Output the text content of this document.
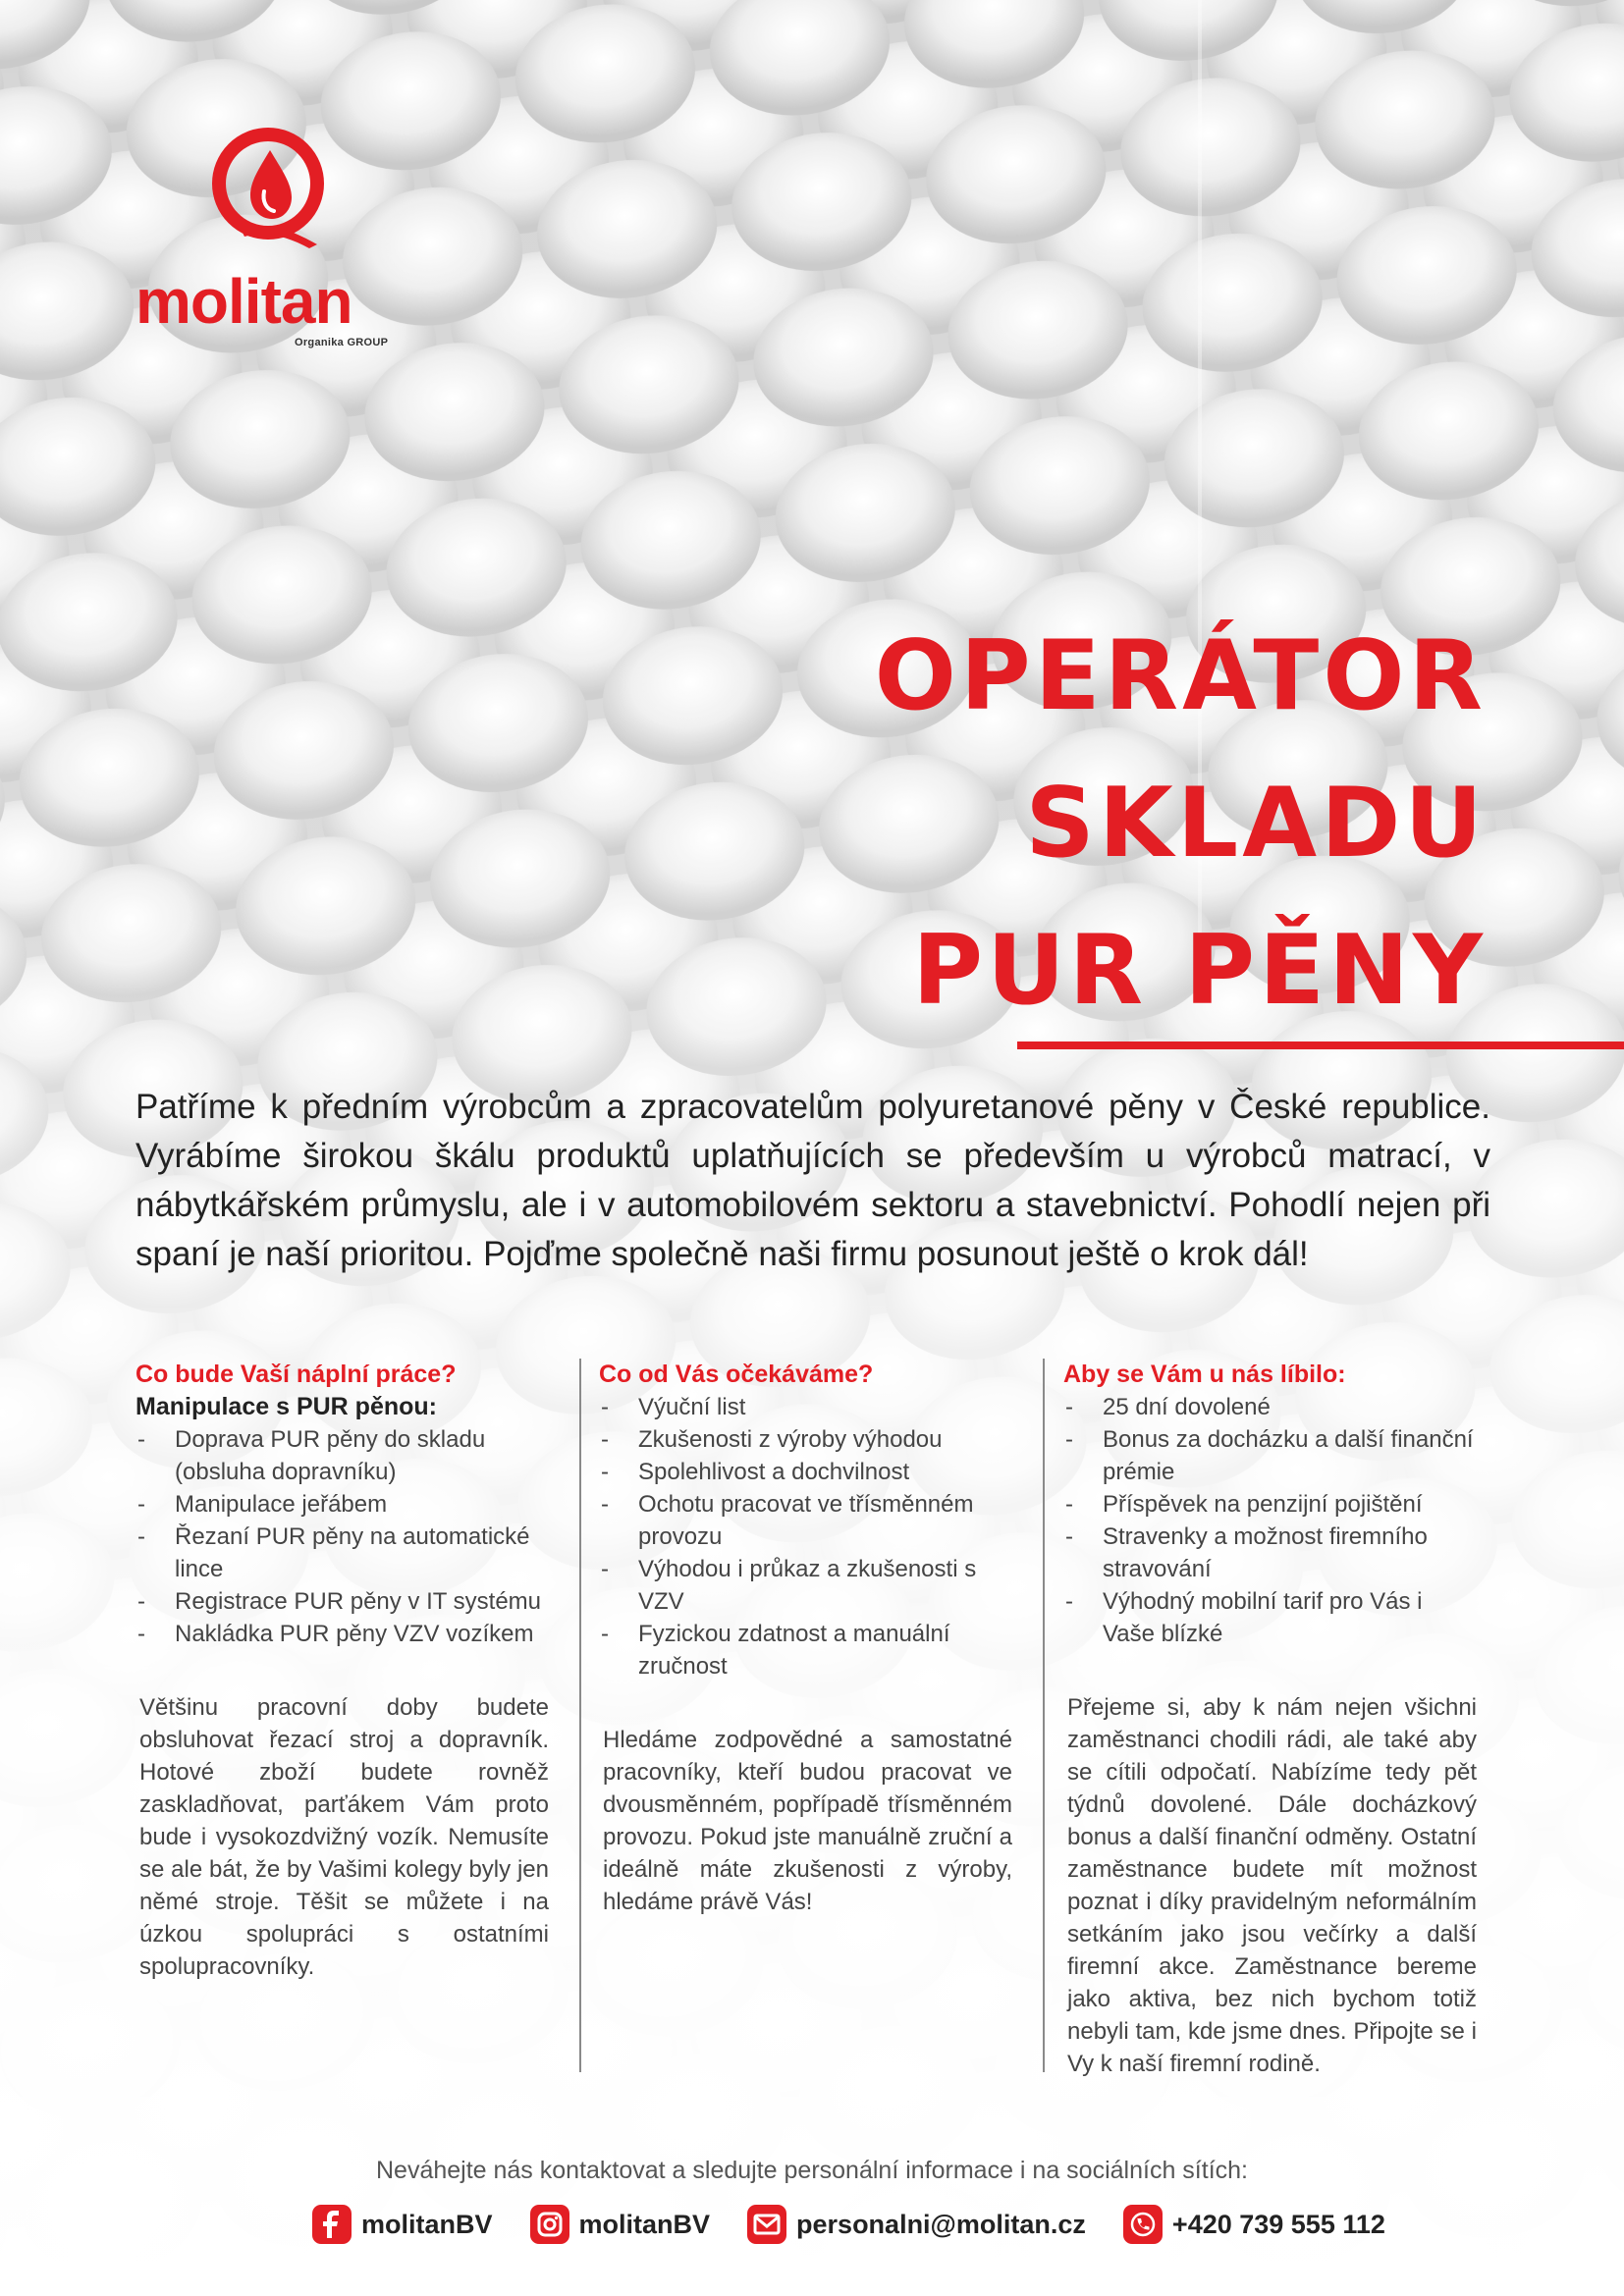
molitan
Organika GROUP
OPERÁTOR
SKLADU
PUR PĚNY
Patříme k předním výrobcům a zpracovatelům polyuretanové pěny v České republice. Vyrábíme širokou škálu produktů uplatňujících se především u výrobců matrací, v nábytkářském průmyslu, ale i v automobilovém sektoru a stavebnictví. Pohodlí nejen při spaní je naší prioritou. Pojďme společně naši firmu posunout ještě o krok dál!
Co bude Vaší náplní práce?
Manipulace s PUR pěnou:
- Doprava PUR pěny do skladu (obsluha dopravníku)
- Manipulace jeřábem
- Řezaní PUR pěny na automatické lince
- Registrace PUR pěny v IT systému
- Nakládka PUR pěny VZV vozíkem

Většinu pracovní doby budete obsluhovat řezací stroj a dopravník. Hotové zboží budete rovněž zaskladňovat, parťákem Vám proto bude i vysokozdvižný vozík. Nemusíte se ale bát, že by Vašimi kolegy byly jen němé stroje. Těšit se můžete i na úzkou spolupráci s ostatními spolupracovníky.

Co od Vás očekáváme?
- Výuční list
- Zkušenosti z výroby výhodou
- Spolehlivost a dochvilnost
- Ochotu pracovat ve třísměnném provozu
- Výhodou i průkaz a zkušenosti s VZV
- Fyzickou zdatnost a manuální zručnost

Hledáme zodpovědné a samostatné pracovníky, kteří budou pracovat ve dvousměnném, popřípadě třísměnném provozu. Pokud jste manuálně zruční a ideálně máte zkušenosti z výroby, hledáme právě Vás!

Aby se Vám u nás líbilo:
- 25 dní dovolené
- Bonus za docházku a další finanční prémie
- Příspěvek na penzijní pojištění
- Stravenky a možnost firemního stravování
- Výhodný mobilní tarif pro Vás i Vaše blízké

Přejeme si, aby k nám nejen všichni zaměstnanci chodili rádi, ale také aby se cítili odpočatí. Nabízíme tedy pět týdnů dovolené. Dále docházkový bonus a další finanční odměny. Ostatní zaměstnance budete mít možnost poznat i díky pravidelným neformálním setkáním jako jsou večírky a další firemní akce. Zaměstnance bereme jako aktiva, bez nich bychom totiž nebyli tam, kde jsme dnes. Připojte se i Vy k naší firemní rodině.

Neváhejte nás kontaktovat a sledujte personální informace i na sociálních sítích:
molitanBV	molitanBV	personalni@molitan.cz	+420 739 555 112
